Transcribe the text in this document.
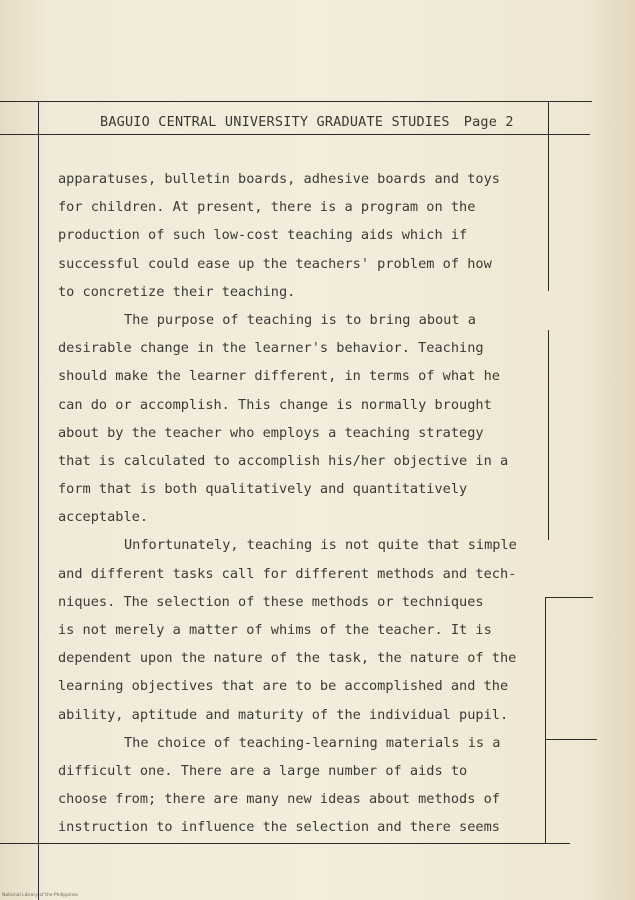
BAGUIO CENTRAL UNIVERSITY GRADUATE STUDIES Page 2
apparatuses, bulletin boards, adhesive boards and toys
for children. At present, there is a program on the
production of such low-cost teaching aids which if
successful could ease up the teachers' problem of how
to concretize their teaching.
The purpose of teaching is to bring about a
desirable change in the learner's behavior. Teaching
should make the learner different, in terms of what he
can do or accomplish. This change is normally brought
about by the teacher who employs a teaching strategy
that is calculated to accomplish his/her objective in a
form that is both qualitatively and quantitatively
acceptable.
Unfortunately, teaching is not quite that simple
and different tasks call for different methods and tech-
niques. The selection of these methods or techniques
is not merely a matter of whims of the teacher. It is
dependent upon the nature of the task, the nature of the
learning objectives that are to be accomplished and the
ability, aptitude and maturity of the individual pupil.
The choice of teaching-learning materials is a
difficult one. There are a large number of aids to
choose from; there are many new ideas about methods of
instruction to influence the selection and there seems
National Library of the Philippines
